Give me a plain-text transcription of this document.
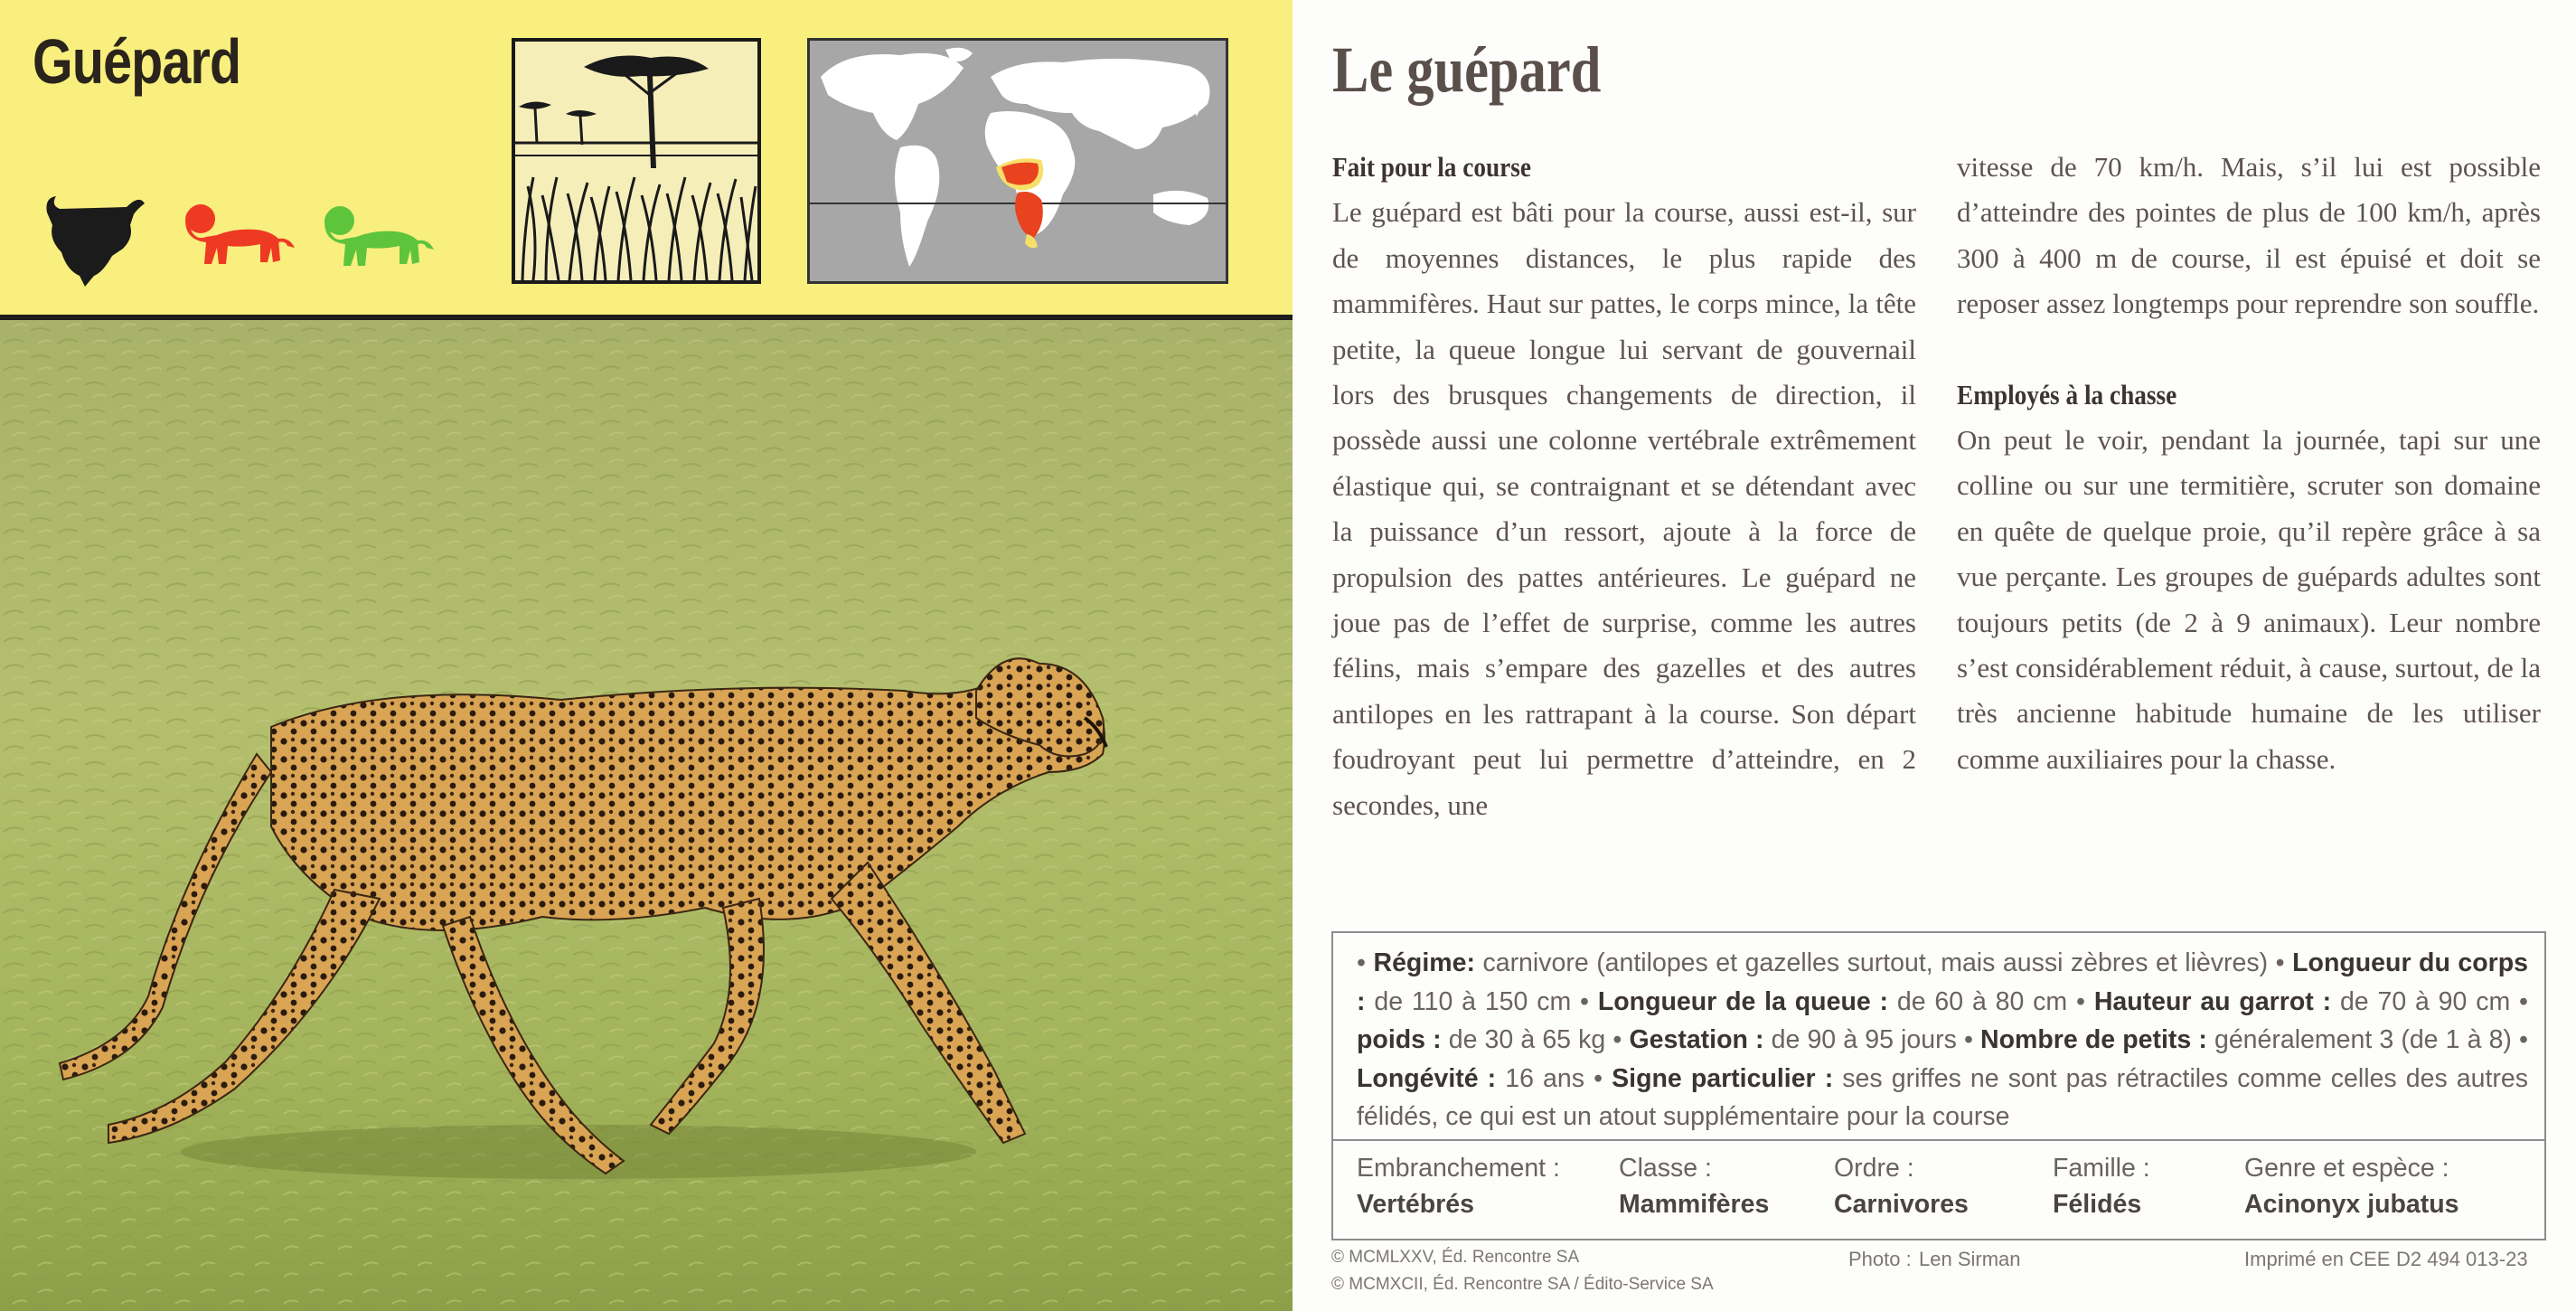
Guépard	Le guépard
Fait pour la course

Le guépard est bâti pour la course, aussi est-il, sur de moyennes distances, le plus rapide des mammifères. Haut sur pattes, le corps mince, la tête petite, la queue longue lui servant de gouvernail lors des brusques changements de direction, il possède aussi une colonne vertébrale extrêmement élastique qui, se contraignant et se détendant avec la puissance d’un ressort, ajoute à la force de propulsion des pattes antérieures. Le guépard ne joue pas de l’effet de surprise, comme les autres félins, mais s’empare des gazelles et des autres antilopes en les rattrapant à la course. Son départ foudroyant peut lui permettre d’atteindre, en 2 secondes, une

vitesse de 70 km/h. Mais, s’il lui est possible d’atteindre des pointes de plus de 100 km/h, après 300 à 400 m de course, il est épuisé et doit se reposer assez longtemps pour reprendre son souffle.

Employés à la chasse

On peut le voir, pendant la journée, tapi sur une colline ou sur une termitière, scruter son domaine en quête de quelque proie, qu’il repère grâce à sa vue perçante. Les groupes de guépards adultes sont toujours petits (de 2 à 9 animaux). Leur nombre s’est considérablement réduit, à cause, surtout, de la très ancienne habitude humaine de les utiliser comme auxiliaires pour la chasse.

• Régime: carnivore (antilopes et gazelles surtout, mais aussi zèbres et lièvres) • Longueur du corps : de 110 à 150 cm • Longueur de la queue : de 60 à 80 cm • Hauteur au garrot : de 70 à 90 cm • poids : de 30 à 65 kg • Gestation : de 90 à 95 jours • Nombre de petits : généralement 3 (de 1 à 8) • Longévité : 16 ans • Signe particulier : ses griffes ne sont pas rétractiles comme celles des autres félidés, ce qui est un atout supplémentaire pour la course
Embranchement :
Vertébrés
Classe :
Mammifères
Ordre :
Carnivores
Famille :
Félidés
Genre et espèce :
Acinonyx jubatus
© MCMLXXV, Éd. Rencontre SA
© MCMXCII, Éd. Rencontre SA / Édito-Service SA
Photo : Len Sirman	Imprimé en CEE D2 494 013-23
